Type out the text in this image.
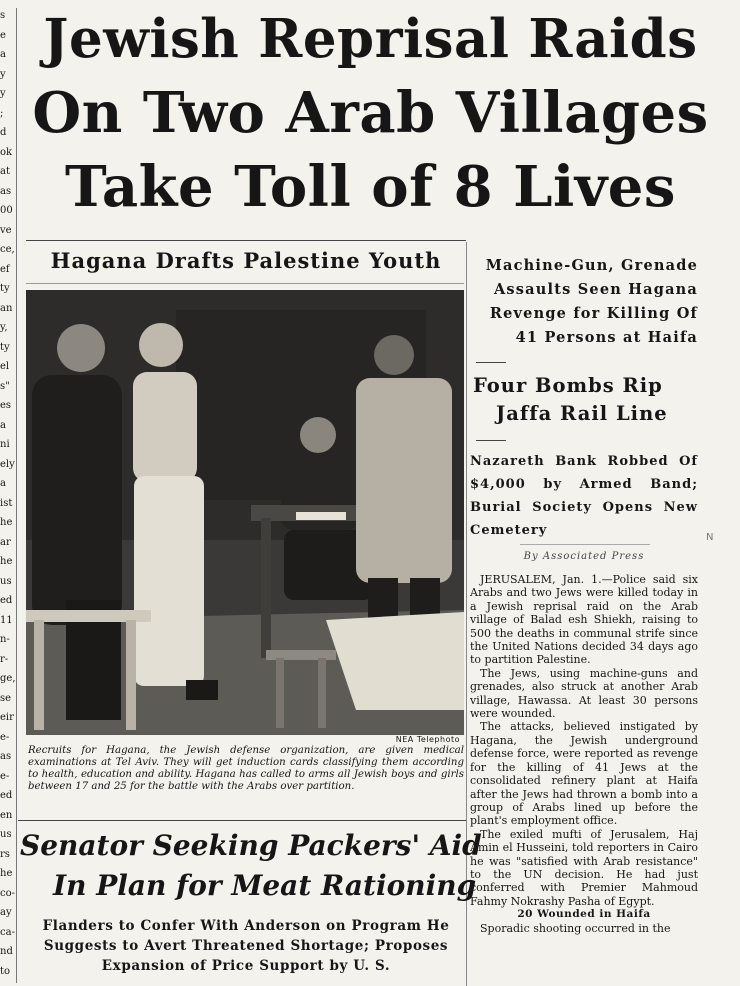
s
e
a
y
y
;
d
ok
at
as
00
ve
ce,
ef
ty
an
y,
ty
el
s"
es
a
ni
ely
a
ist
he
ar
he
us
ed
11
n-
r-
ge,
se
eir
e-
as
e-
ed
en
us
rs
he
co-
ay
ca-
nd
to
Jewish Reprisal Raids
On Two Arab Villages
Take Toll of 8 Lives
Hagana Drafts Palestine Youth
NEA Telephoto

Recruits for Hagana, the Jewish defense organization, are given medical examinations at Tel Aviv. They will get induction cards classifying them according to health, education and ability. Hagana has called to arms all Jewish boys and girls between 17 and 25 for the battle with the Arabs over partition.

Senator Seeking Packers' Aid
In Plan for Meat Rationing

Flanders to Confer With Anderson on Program He Suggests to Avert Threatened Shortage; Proposes Expansion of Price Support by U. S.

Machine-Gun, Grenade Assaults Seen Hagana Revenge for Killing Of 41 Persons at Haifa

Four Bombs Rip
Jaffa Rail Line

Nazareth Bank Robbed Of $4,000 by Armed Band; Burial Society Opens New Cemetery

By Associated Press

JERUSALEM, Jan. 1.—Police said six Arabs and two Jews were killed today in a Jewish reprisal raid on the Arab village of Balad esh Shiekh, raising to 500 the deaths in communal strife since the United Nations decided 34 days ago to partition Palestine.

The Jews, using machine-guns and grenades, also struck at another Arab village, Hawassa. At least 30 persons were wounded.

The attacks, believed instigated by Hagana, the Jewish underground defense force, were reported as revenge for the killing of 41 Jews at the consolidated refinery plant at Haifa after the Jews had thrown a bomb into a group of Arabs lined up before the plant's employment office.

The exiled mufti of Jerusalem, Haj Amin el Husseini, told reporters in Cairo he was "satisfied with Arab resistance" to the UN decision. He had just conferred with Premier Mahmoud Fahmy Nokrashy Pasha of Egypt.

20 Wounded in Haifa

Sporadic shooting occurred in the

N
